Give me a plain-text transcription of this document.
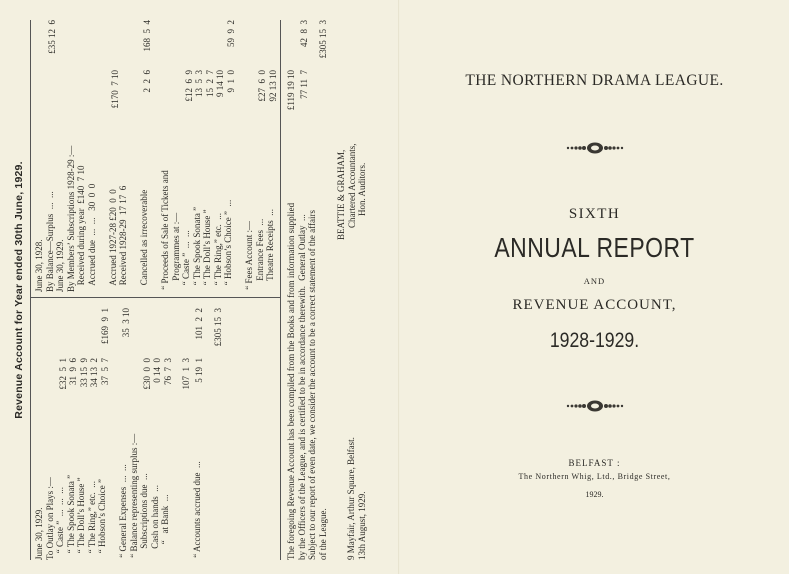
Revenue Account for Year ended 30th June, 1929.
June 30, 1929. To Outlay on Plays :— “ Caste ”  ...  ...  ...£32  5  1
“ The Spook Sonata ”31  9  6
“ The Doll’s House ”33 15  9
“ The Ring,” etc.  ...34 13  2
“ Hobson’s Choice ”37  5  7£169  9  1
“ General Expenses  ...  ...35  3 10
“ Balance representing surplus :— Subscriptions due  ...£30  0  0
Cash on hands  ...0 14  0
“   at Bank  ...76  7  3 107  1  3
“ Accounts accrued due  ...5 19  1101  2  2 £305 15  3
June 30, 1928. By Balance—Surplus  ...  ...£35 12  6
June 30, 1929. By Members’ Subscriptions 1928-29 :— Received during year  £140  7 10 Accrued due  ...  ...   30  0  0 Accrued 1927-28 £20  0  0£170  7 10
Received 1928-29  17 17  6 Cancelled as irrecoverable2  2  6168  5  4
“ Proceeds of Sale of Tickets and Programmes at :— “ Caste ”  ...  ...£12  6  9
“ The Spook Sonata ”13  5  3
“ The Doll’s House ”15  2  7
“ The Ring,” etc.  ...9 14 10
“ Hobson’s Choice ”  ...9  1  059  9  2
“ Fees Account :— Entrance Fees  ...£27  6  0
Theatre Receipts  ...92 13 10 £119 19 10
General Outlay  ...77 11  742  8  3 £305 15  3

The foregoing Revenue Account has been compiled from the Books and from information supplied by the Officers of the League, and is certified to be in accordance therewith. Subject to our report of even date, we consider the account to be a correct statement of the affairs of the League.

BEATTIE & GRAHAM, Chartered Accountants, Hon. Auditors.
9 Mayfair, Arthur Square, Belfast. 13th August, 1929.
THE NORTHERN DRAMA LEAGUE.
SIXTH
ANNUAL REPORT
AND
REVENUE ACCOUNT,
1928-1929.
BELFAST :
The Northern Whig, Ltd., Bridge Street,
1929.
